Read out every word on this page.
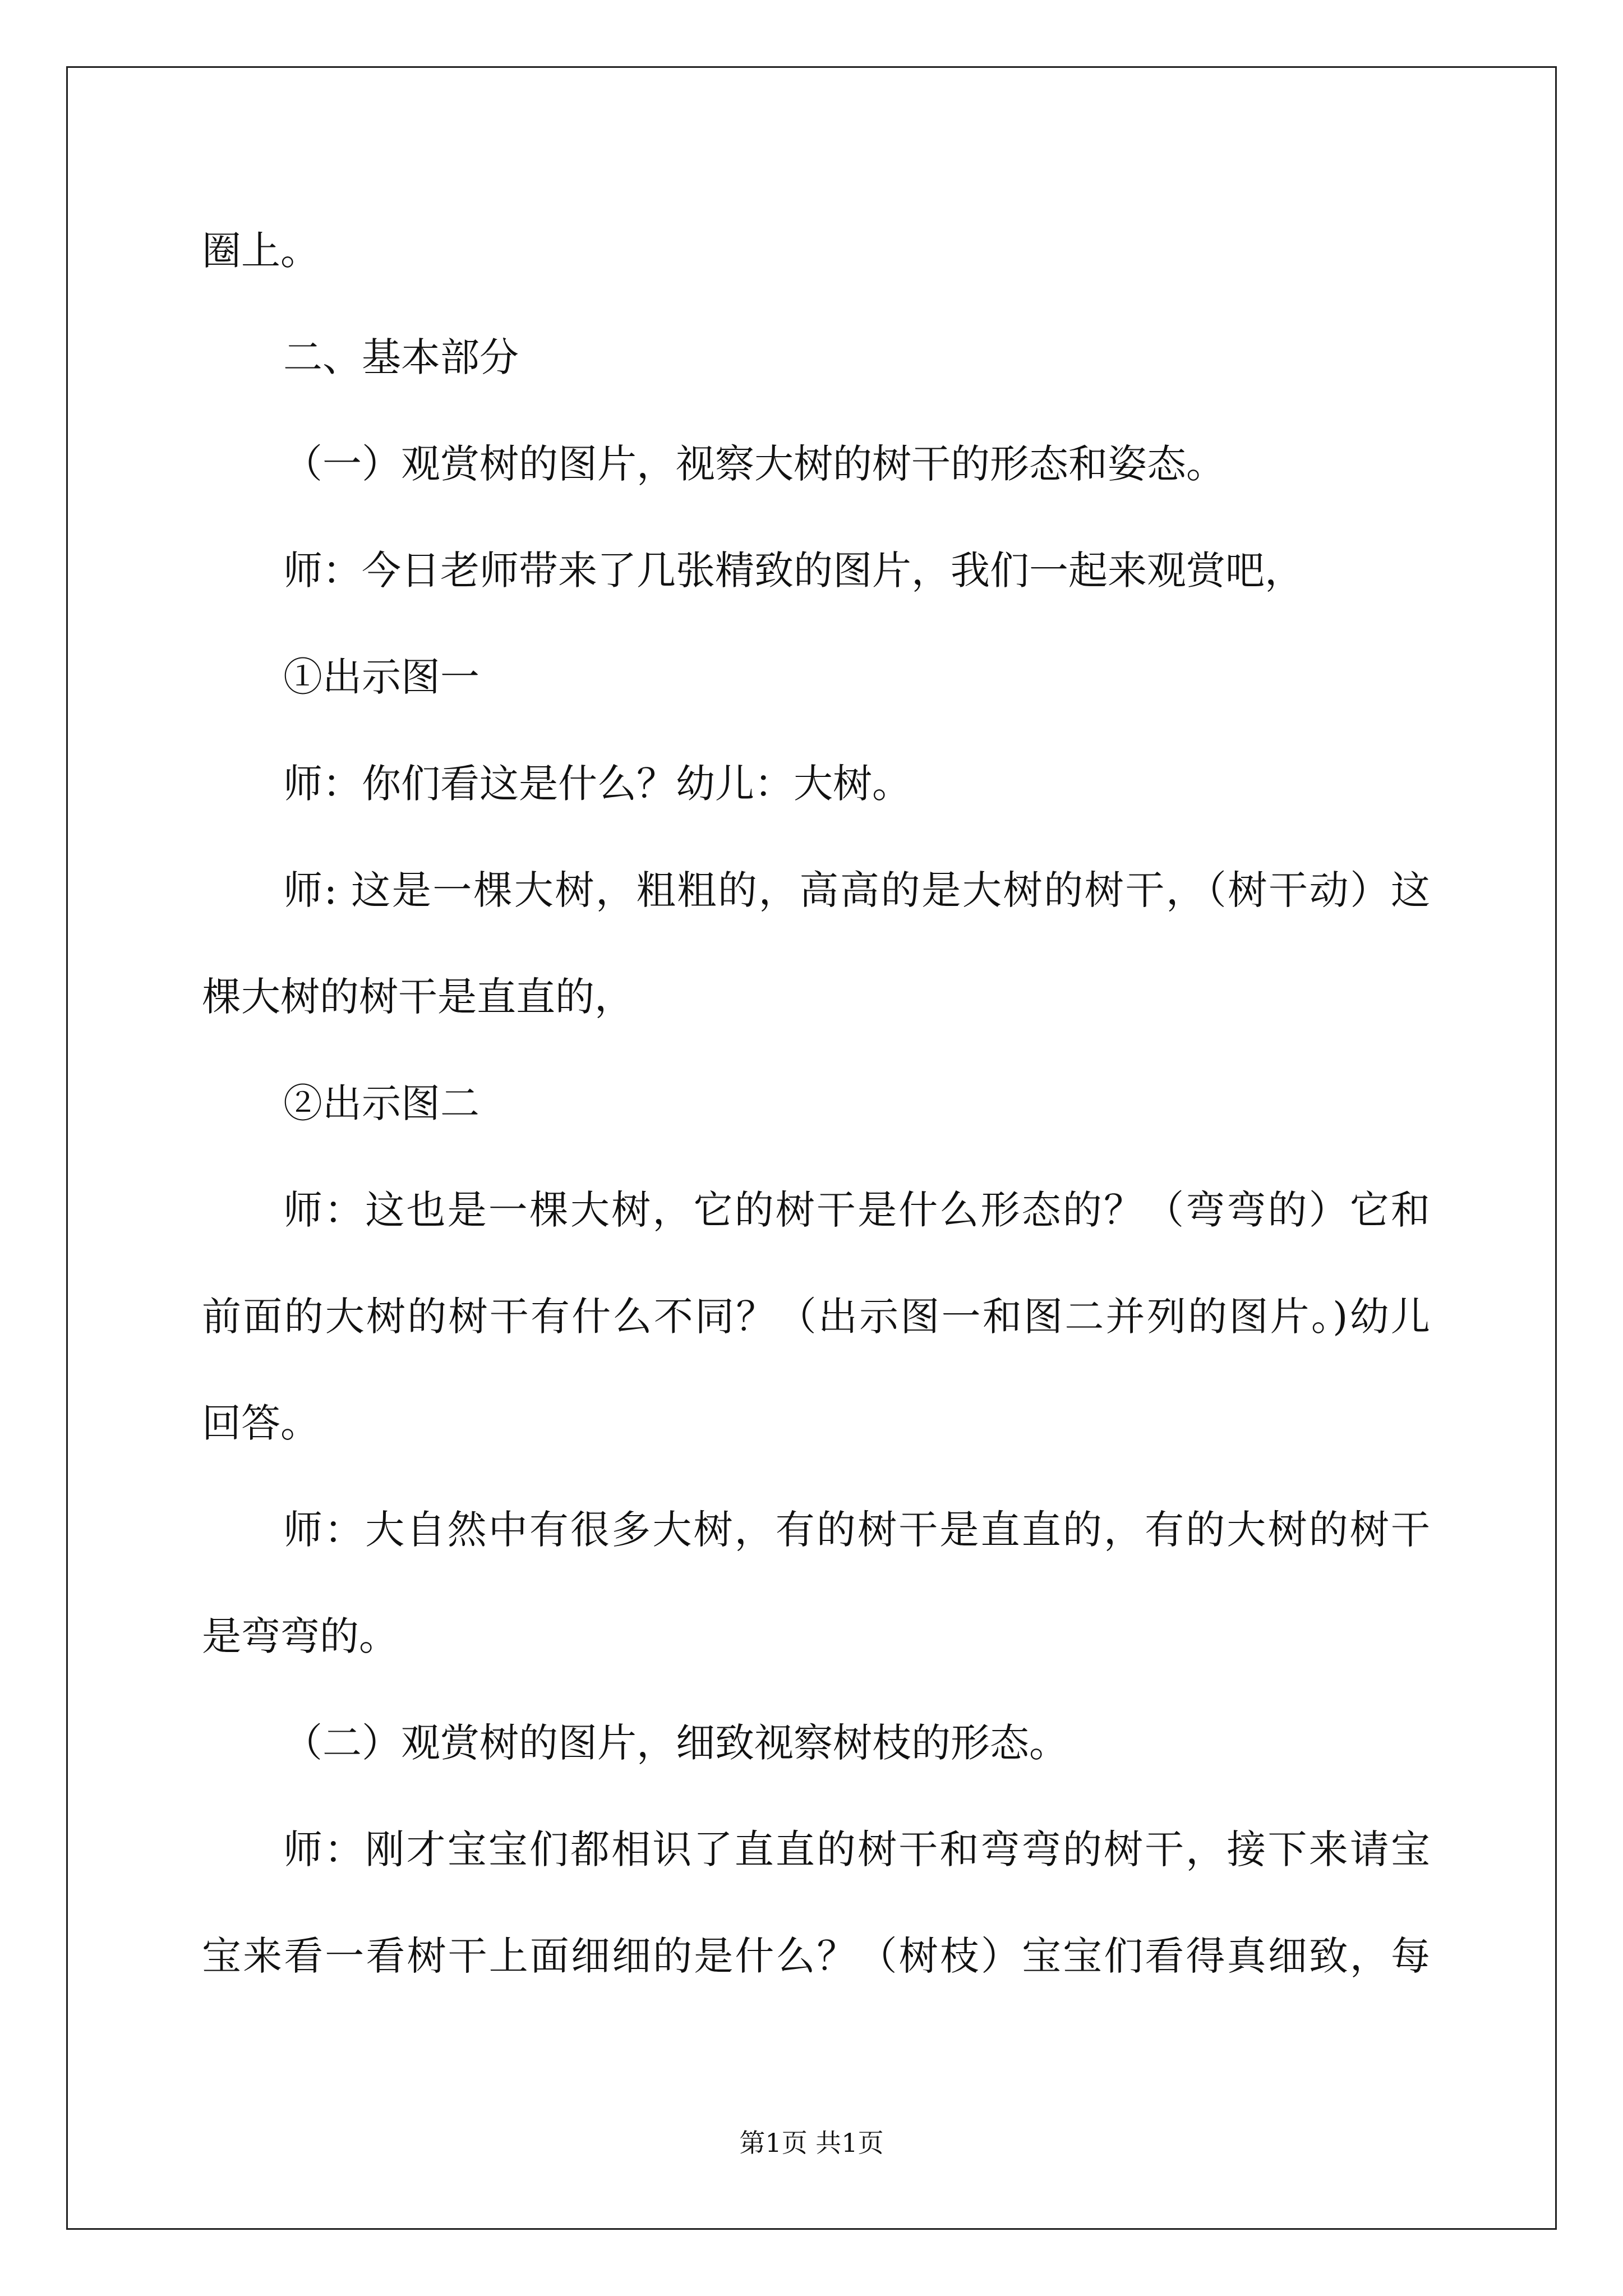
圈上。
二、基本部分
（一）观赏树的图片，视察大树的树干的形态和姿态。
师：今日老师带来了几张精致的图片，我们一起来观赏吧，
①出示图一
师：你们看这是什么？幼儿：大树。
师: 这是一棵大树，粗粗的，高高的是大树的树干，（树干动）这
棵大树的树干是直直的，
②出示图二
师：这也是一棵大树，它的树干是什么形态的？（弯弯的）它和
前面的大树的树干有什么不同？（出示图一和图二并列的图片。)幼儿
回答。
师：大自然中有很多大树，有的树干是直直的，有的大树的树干
是弯弯的。
（二）观赏树的图片，细致视察树枝的形态。
师：刚才宝宝们都相识了直直的树干和弯弯的树干，接下来请宝
宝来看一看树干上面细细的是什么？（树枝）宝宝们看得真细致，每
第1页 共1页
